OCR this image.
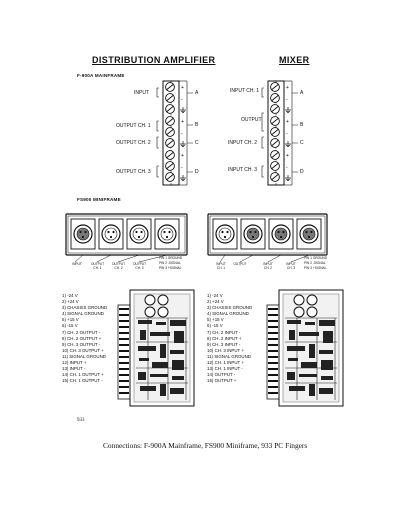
DISTRIBUTION AMPLIFIER	MIXER
F-900A MAINFRAME
FS900 MINIFRAME
+
-
+
-
+
-
+
-
+
-
+
-
INPUT
OUTPUT CH. 1
OUTPUT CH. 2
OUTPUT CH. 3
A
B
C
D
INPUT CH. 1
OUTPUT
INPUT CH. 2
INPUT CH. 3
A
B
C
D
INPUT	OUTPUT CH. 1
OUTPUT CH. 2
OUTPUT CH. 3
PIN 1 GROUND
PIN 2 -SIGNAL
PIN 3 +SIGNAL
INPUT CH. 1
OUTPUT	INPUT CH. 2
INPUT CH. 3
PIN 1 GROUND
PIN 2 -SIGNAL
PIN 3 +SIGNAL
1) -24 V
2) +24 V
3) CHASSIS GROUND
4) SIGNAL GROUND
5) +15 V
6) -15 V
7) CH. 2 OUTPUT -
8) CH. 2 OUTPUT +
9) CH. 3 OUTPUT -
10) CH. 3 OUTPUT +
11) SIGNAL GROUND
12) INPUT +
13) INPUT -
14) CH. 1 OUTPUT +
15) CH. 1 OUTPUT -
1) -24 V
2) +24 V
3) CHASSIS GROUND
4) SIGNAL GROUND
5) +15 V
6) -15 V
7) CH. 2 INPUT -
8) CH. 2 INPUT +
9) CH. 3 INPUT -
10) CH. 3 INPUT +
11) SIGNAL GROUND
12) CH. 1 INPUT +
13) CH. 1 INPUT -
14) OUTPUT -
15) OUTPUT +
933
Connections: F-900A Mainframe, FS900 Miniframe, 933 PC Fingers
